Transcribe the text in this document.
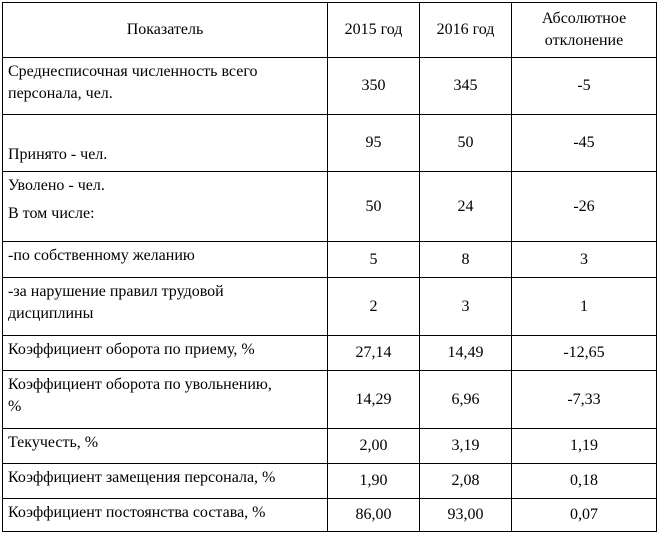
Показатель	2015 год	2016 год	Абсолютное отклонение

Среднесписочная численность всего
персонала, чел.	350	345	-5

Принято - чел.	95	50	-45

Уволено - чел.
В том числе:	50	24	-26

-по собственному желанию	5	8	3

-за нарушение правил трудовой
дисциплины	2	3	1

Коэффициент оборота по приему, %	27,14	14,49	-12,65

Коэффициент оборота по увольнению,
%	14,29	6,96	-7,33

Текучесть, %	2,00	3,19	1,19

Коэффициент замещения персонала, %	1,90	2,08	0,18

Коэффициент постоянства состава, %	86,00	93,00	0,07
